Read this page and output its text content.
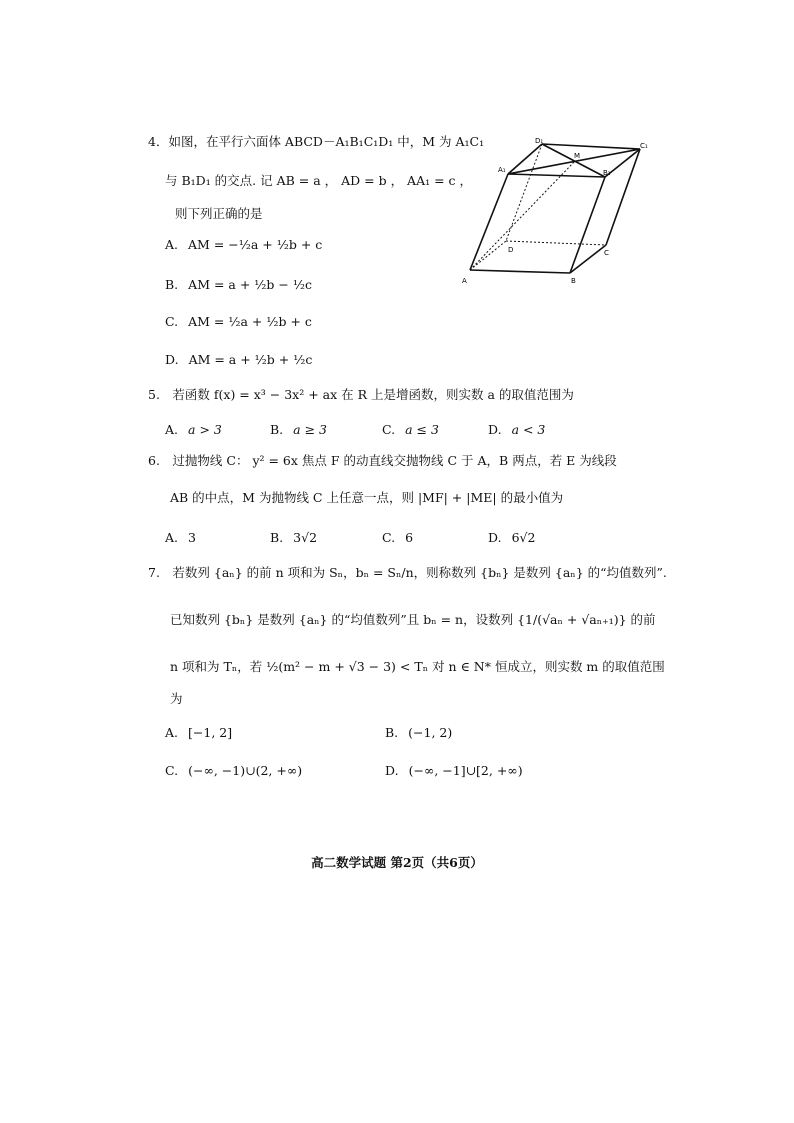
4．如图，在平行六面体 ABCD－A₁B₁C₁D₁ 中，M 为 A₁C₁
与 B₁D₁ 的交点. 记 AB = a ， AD = b ， AA₁ = c ，
则下列正确的是
A. AM = −½a + ½b + c
B. AM = a + ½b − ½c
C. AM = ½a + ½b + c
D. AM = a + ½b + ½c
A	B
C
D
A₁	B₁
C₁
D₁
M
5.　若函数 f(x) = x³ − 3x² + ax 在 R 上是增函数，则实数 a 的取值范围为
A. a > 3	B. a ≥ 3	C. a ≤ 3	D. a < 3
6.　过抛物线 C： y² = 6x 焦点 F 的动直线交抛物线 C 于 A，B 两点，若 E 为线段
AB 的中点，M 为抛物线 C 上任意一点，则 |MF| + |ME| 的最小值为
A. 3	B. 3√2	C. 6	D. 6√2
7.　若数列 {aₙ} 的前 n 项和为 Sₙ，bₙ = Sₙ/n，则称数列 {bₙ} 是数列 {aₙ} 的“均值数列”.
已知数列 {bₙ} 是数列 {aₙ} 的“均值数列”且 bₙ = n，设数列 {1/(√aₙ + √aₙ₊₁)} 的前
n 项和为 Tₙ，若 ½(m² − m + √3 − 3) < Tₙ 对 n ∈ N* 恒成立，则实数 m 的取值范围
为
A. [−1, 2]	B. (−1, 2)
C. (−∞, −1)∪(2, +∞)	D. (−∞, −1]∪[2, +∞)
高二数学试题 第2页（共6页）
